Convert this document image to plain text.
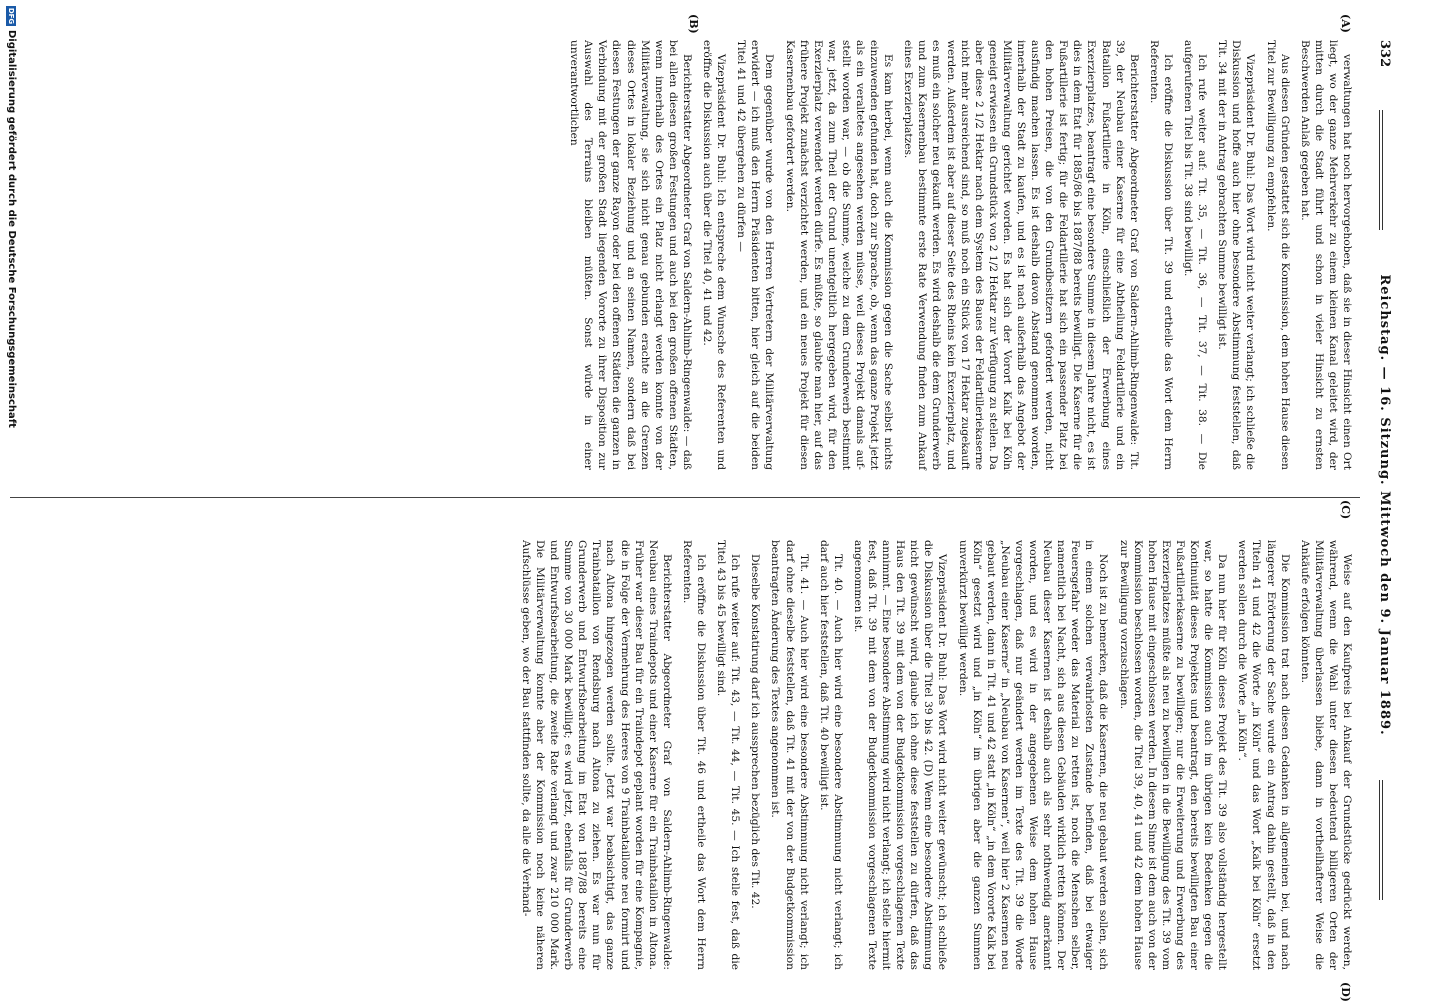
332
Reichstag. — 16. Sitzung. Mittwoch den 9. Januar 1889.
(A)
(B)
(C)
(D)

verwaltungen hat noch hervorgehoben, daß sie in dieser Hinsicht einen Ort liegt, wo der ganze Mehrverkehr zu einem kleinen Kanal geleitet wird, der mitten durch die Stadt führt und schon in vieler Hinsicht zu ernsten Beschwerden Anlaß gegeben hat.

Aus diesen Gründen gestattet sich die Kommission, dem hohen Hause diesen Titel zur Bewilligung zu empfehlen.

Vizepräsident Dr. Buhl: Das Wort wird nicht weiter verlangt; ich schließe die Diskussion und hoffe auch hier ohne besondere Abstimmung feststellen, daß Tit. 34 mit der in Antrag gebrachten Summe bewilligt ist.

Ich rufe weiter auf: Tit. 35, — Tit. 36, — Tit. 37, — Tit. 38. — Die aufgerufenen Titel bis Tit. 38 sind bewilligt.

Ich eröffne die Diskussion über Tit. 39 und ertheile das Wort dem Herrn Referenten.

Berichterstatter Abgeordneter Graf von Saldern-Ahlimb-Ringenwalde: Tit. 39, der Neubau einer Kaserne für eine Abtheilung Feldartillerie und ein Bataillon Fußartillerie in Köln, einschließlich der Erwerbung eines Exerzierplatzes, beantragt eine besondere Summe in diesem Jahre nicht, es ist dies in dem Etat für 1885/86 bis 1887/88 bereits bewilligt. Die Kaserne für die Fußartillerie ist fertig; für die Feldartillerie hat sich ein passender Platz bei den hohen Preisen, die von den Grundbesitzern gefordert werden, nicht ausfindig machen lassen. Es ist deshalb davon Abstand genommen worden, innerhalb der Stadt zu kaufen, und es ist nach außerhalb das Angebot der Militärverwaltung gerichtet worden. Es hat sich der Vorort Kalk bei Köln geneigt erwiesen ein Grundstück von 2 1/2 Hektar zur Verfügung zu stellen. Da aber diese 2 1/2 Hektar nach dem System des Baues der Feldartilleriekaserne nicht mehr ausreichend sind, so muß noch ein Stück von 17 Hektar zugekauft werden. Außerdem ist aber auf dieser Seite des Rheins kein Exerzierplatz, und es muß ein solcher neu gekauft werden. Es wird deshalb die dem Grunderwerb und zum Kasernenbau bestimmte erste Rate Verwendung finden zum Ankauf eines Exerzierplatzes.

Es kam hierbei, wenn auch die Kommission gegen die Sache selbst nichts einzuwenden gefunden hat, doch zur Sprache, ob, wenn das ganze Projekt jetzt als ein veraltetes angesehen werden müsse, weil dieses Projekt damals auf- stellt worden war, — ob die Summe, welche zu dem Grunderwerb bestimmt war, jetzt, da zum Theil der Grund unentgeltlich hergegeben wird, für den Exerzierplatz verwendet werden dürfe. Es müßte, so glaubte man hier, auf das frühere Projekt zunächst verzichtet werden, und ein neues Projekt für diesen Kasernenbau gefordert werden.

Dem gegenüber wurde von den Herren Vertretern der Militärverwaltung erwidert — ich muß den Herrn Präsidenten bitten, hier gleich auf die beiden Titel 41 und 42 übergehen zu dürfen —

Vizepräsident Dr. Buhl: Ich entspreche dem Wunsche des Referenten und eröffne die Diskussion auch über die Titel 40, 41 und 42.

Berichterstatter Abgeordneter Graf von Saldern-Ahlimb-Ringenwalde: — daß bei allen diesen großen Festungen und auch bei den großen offenen Städten, wenn innerhalb des Ortes ein Platz nicht erlangt werden konnte von der Militärverwaltung, sie sich nicht genau gebunden erachte an die Grenzen dieses Ortes in lokaler Beziehung und an seinen Namen, sondern daß bei diesen Festungen der ganze Rayon oder bei den offenen Städten die ganzen in Verbindung mit der großen Stadt liegenden Vororte zu ihrer Disposition zur Auswahl des Terrains bleiben müßten. Sonst würde in einer unverantwortlichen

Weise auf den Kaufpreis bei Ankauf der Grundstücke gedrückt werden, während, wenn die Wahl unter diesen bedeutend billigeren Orten der Militärverwaltung überlassen bliebe, dann in vortheilhafterer Weise die Ankäufe erfolgen könnten.

Die Kommission trat nach diesen Gedanken in allgemeinen bei, und nach längerer Erörterung der Sache wurde ein Antrag dahin gestellt, daß in den Titeln 41 und 42 die Worte „in Köln“ und das Wort „Kalk bei Köln“ ersetzt werden sollen durch die Worte „in Köln“.

Da nun hier für Köln dieses Projekt des Tit. 39 also vollständig hergestellt war, so hatte die Kommission auch im übrigen kein Bedenken gegen die Kontinuität dieses Projektes und beantragt, den bereits bewilligten Bau einer Fußartilleriekaserne zu bewilligen; nur die Erweiterung und Erwerbung des Exerzierplatzes müßte als neu zu bewilligen in die Bewilligung des Tit. 39 vom hohen Hause mit eingeschlossen werden. In diesem Sinne ist dem auch von der Kommission beschlossen worden, die Titel 39, 40, 41 und 42 dem hohen Hause zur Bewilligung vorzuschlagen.

Noch ist zu bemerken, daß die Kasernen, die neu gebaut werden sollen, sich in einem solchen verwahrlosten Zustande befinden, daß bei etwaiger Feuersgefahr weder das Material zu retten ist, noch die Menschen selber, namentlich bei Nacht, sich aus diesen Gebäuden wirklich retten können. Der Neubau dieser Kasernen ist deshalb auch als sehr nothwendig anerkannt worden, und es wird in der angegebenen Weise dem hohen Hause vorgeschlagen, daß nur geändert werden im Texte des Tit. 39 die Worte „Neubau einer Kaserne“ in „Neubau von Kasernen“, weil hier 2 Kasernen neu gebaut werden, dann in Tit. 41 und 42 statt „in Köln“ „in dem Vororte Kalk bei Köln“ gesetzt wird und „in Köln“ im übrigen aber die ganzen Summen unverkürzt bewilligt werden.

Vizepräsident Dr. Buhl: Das Wort wird nicht weiter gewünscht; ich schließe die Diskussion über die Titel 39 bis 42. (D) Wenn eine besondere Abstimmung nicht gewünscht wird, glaube ich ohne diese feststellen zu dürfen, daß das Haus den Tit. 39 mit dem von der Budgetkommission vorgeschlagenen Texte annimmt. — Eine besondere Abstimmung wird nicht verlangt; ich stelle hiermit fest, daß Tit. 39 mit dem von der Budgetkommission vorgeschlagenen Texte angenommen ist.

Tit. 40. — Auch hier wird eine besondere Abstimmung nicht verlangt; ich darf auch hier feststellen, daß Tit. 40 bewilligt ist.

Tit. 41. — Auch hier wird eine besondere Abstimmung nicht verlangt; ich darf ohne dieselbe feststellen, daß Tit. 41 mit der von der Budgetkommission beantragten Änderung des Textes angenommen ist.

Dieselbe Konstatirung darf ich aussprechen bezüglich des Tit. 42.

Ich rufe weiter auf: Tit. 43, — Tit. 44, — Tit. 45. — Ich stelle fest, daß die Titel 43 bis 45 bewilligt sind.

Ich eröffne die Diskussion über Tit. 46 und ertheile das Wort dem Herrn Referenten.

Berichterstatter Abgeordneter Graf von Saldern-Ahlimb-Ringenwalde: Neubau eines Traindepots und einer Kaserne für ein Trainbataillon in Altona. Früher war dieser Bau für ein Traindepot geplant worden für eine Kompagnie, die in Folge der Vermehrung des Heeres von 9 Trainbataillone neu formirt und nach Altona hingezogen werden sollte. Jetzt war beabsichtigt, das ganze Trainbataillon von Rendsburg nach Altona zu ziehen. Es war nun für Grunderwerb und Entwurfsbearbeitung im Etat von 1887/88 bereits eine Summe von 30 000 Mark bewilligt; es wird jetzt, ebenfalls für Grunderwerb und Entwurfsbearbeitung, die zweite Rate verlangt und zwar 210 000 Mark. Die Militärverwaltung konnte aber der Kommission noch keine näheren Aufschlüsse geben, wo der Bau stattfinden sollte, da alle die Verhand-

DFG
Digitalisierung gefördert durch die Deutsche Forschungsgemeinschaft
